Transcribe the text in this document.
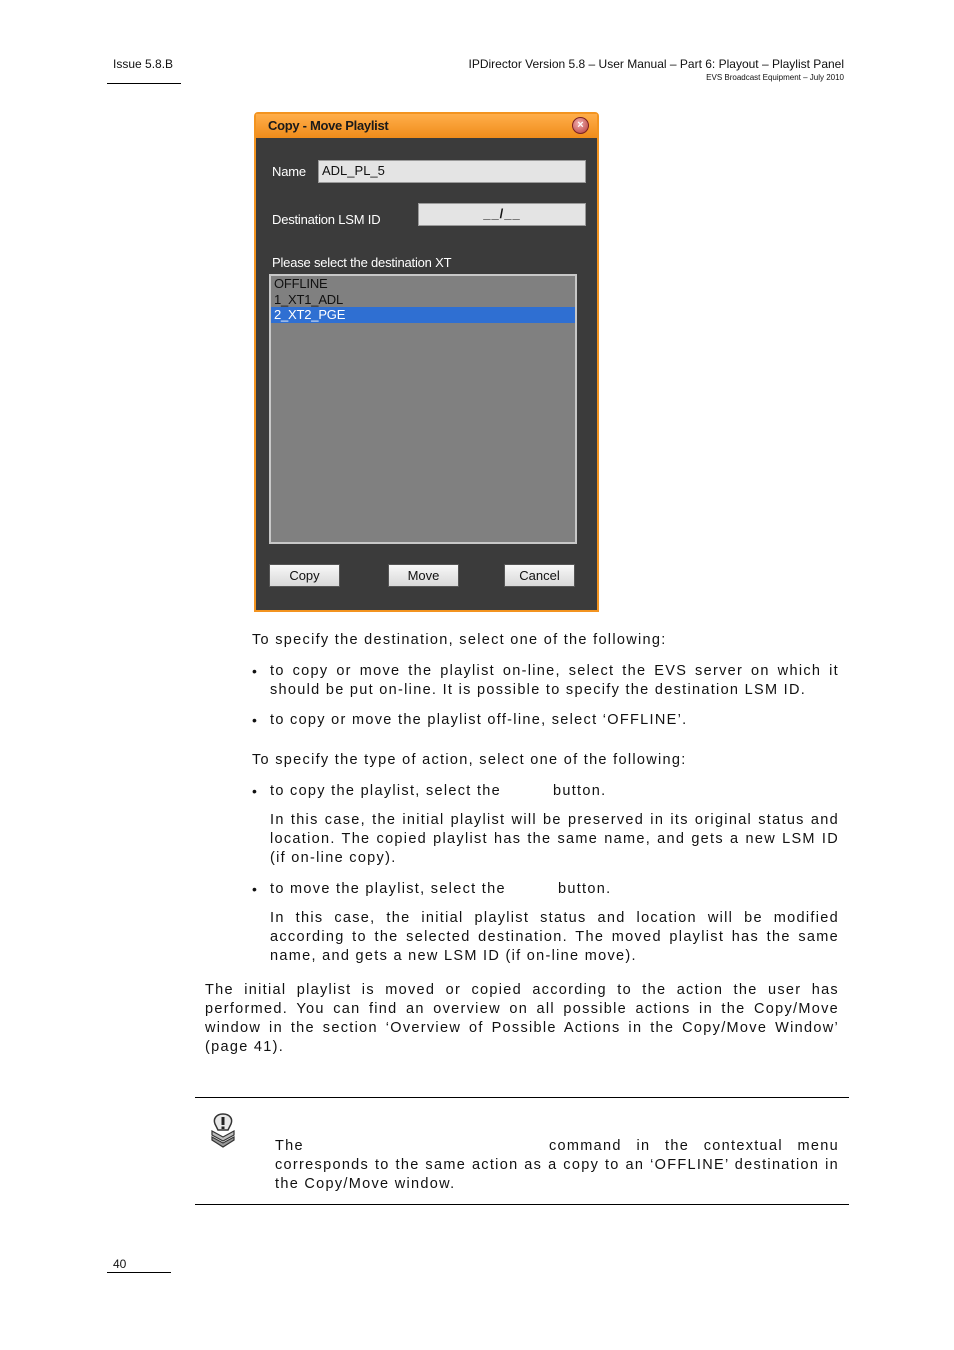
Issue 5.8.B	IPDirector Version 5.8 – User Manual – Part 6: Playout – Playlist Panel
EVS Broadcast Equipment – July 2010
Copy - Move Playlist	×
Name	ADL_PL_5
Destination LSM ID	__/__
Please select the destination XT
OFFLINE
1_XT1_ADL
2_XT2_PGE
Copy	Move	Cancel
To specify the destination, select one of the following:
• to copy or move the playlist on-line, select the EVS server on which it should be put on-line. It is possible to specify the destination LSM ID.
• to copy or move the playlist off-line, select ‘OFFLINE’.
To specify the type of action, select one of the following:
• to copy the playlist, select the	button.
In this case, the initial playlist will be preserved in its original status and location. The copied playlist has the same name, and gets a new LSM ID (if on-line copy).
• to move the playlist, select the	button.
In this case, the initial playlist status and location will be modified according to the selected destination. The moved playlist has the same name, and gets a new LSM ID (if on-line move).
The initial playlist is moved or copied according to the action the user has performed. You can find an overview on all possible actions in the Copy/Move window in the section ‘Overview of Possible Actions in the Copy/Move Window’ (page 41).
The	command in the contextual menu
corresponds to the same action as a copy to an ‘OFFLINE’ destination in the Copy/Move window.
40
